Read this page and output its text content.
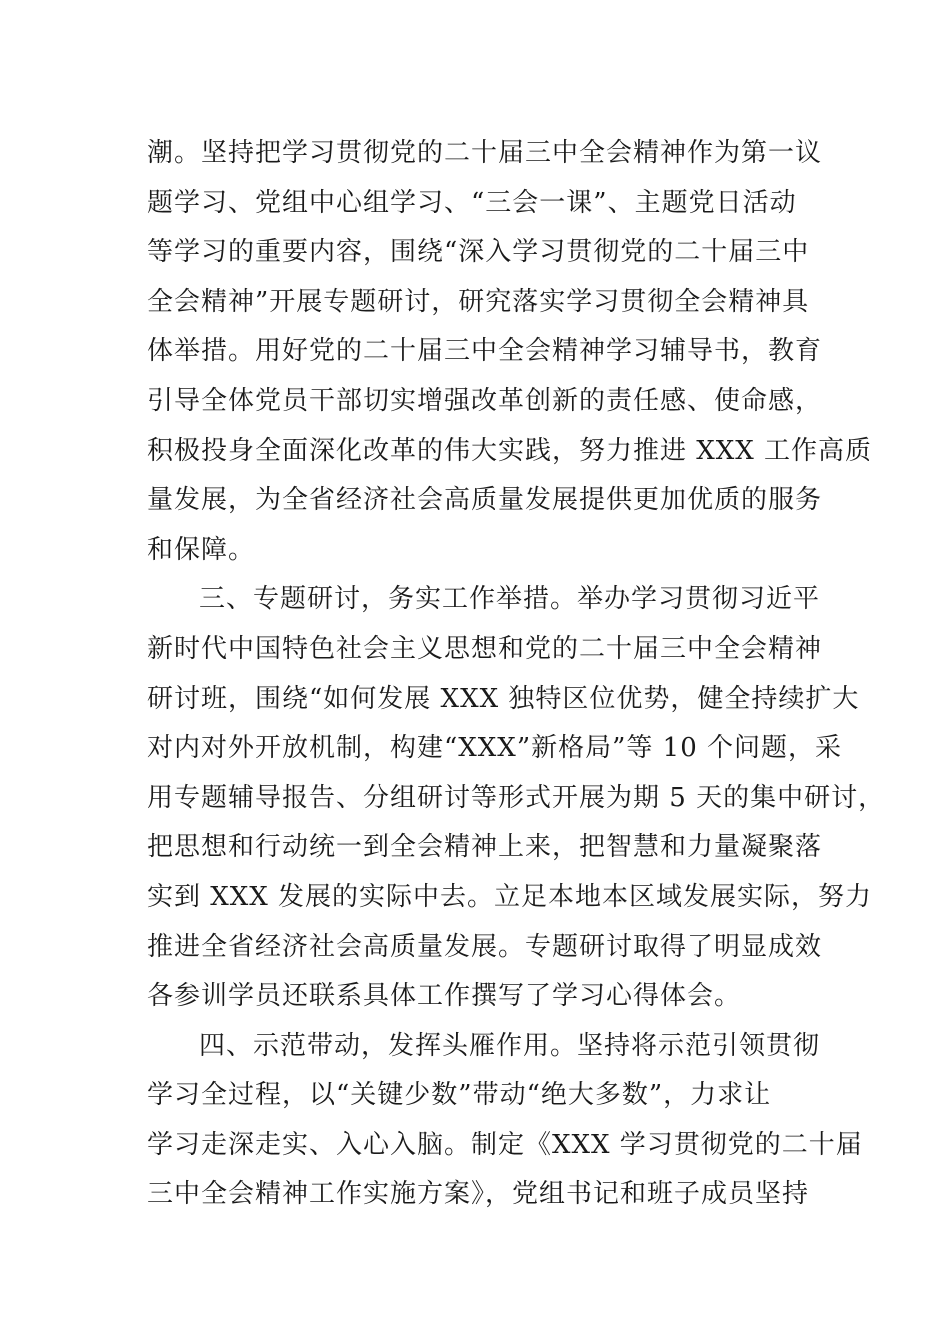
潮。坚持把学习贯彻党的二十届三中全会精神作为第一议
题学习、党组中心组学习、“三会一课”、主题党日活动
等学习的重要内容，围绕“深入学习贯彻党的二十届三中
全会精神”开展专题研讨，研究落实学习贯彻全会精神具
体举措。用好党的二十届三中全会精神学习辅导书，教育
引导全体党员干部切实增强改革创新的责任感、使命感，
积极投身全面深化改革的伟大实践，努力推进 XXX 工作高质
量发展，为全省经济社会高质量发展提供更加优质的服务
和保障。
三、专题研讨，务实工作举措。举办学习贯彻习近平
新时代中国特色社会主义思想和党的二十届三中全会精神
研讨班，围绕“如何发展 XXX 独特区位优势，健全持续扩大
对内对外开放机制，构建“XXX”新格局”等 10 个问题，采
用专题辅导报告、分组研讨等形式开展为期 5 天的集中研讨，
把思想和行动统一到全会精神上来，把智慧和力量凝聚落
实到 XXX 发展的实际中去。立足本地本区域发展实际，努力
推进全省经济社会高质量发展。专题研讨取得了明显成效
各参训学员还联系具体工作撰写了学习心得体会。
四、示范带动，发挥头雁作用。坚持将示范引领贯彻
学习全过程，以“关键少数”带动“绝大多数”，力求让
学习走深走实、入心入脑。制定《XXX 学习贯彻党的二十届
三中全会精神工作实施方案》，党组书记和班子成员坚持
